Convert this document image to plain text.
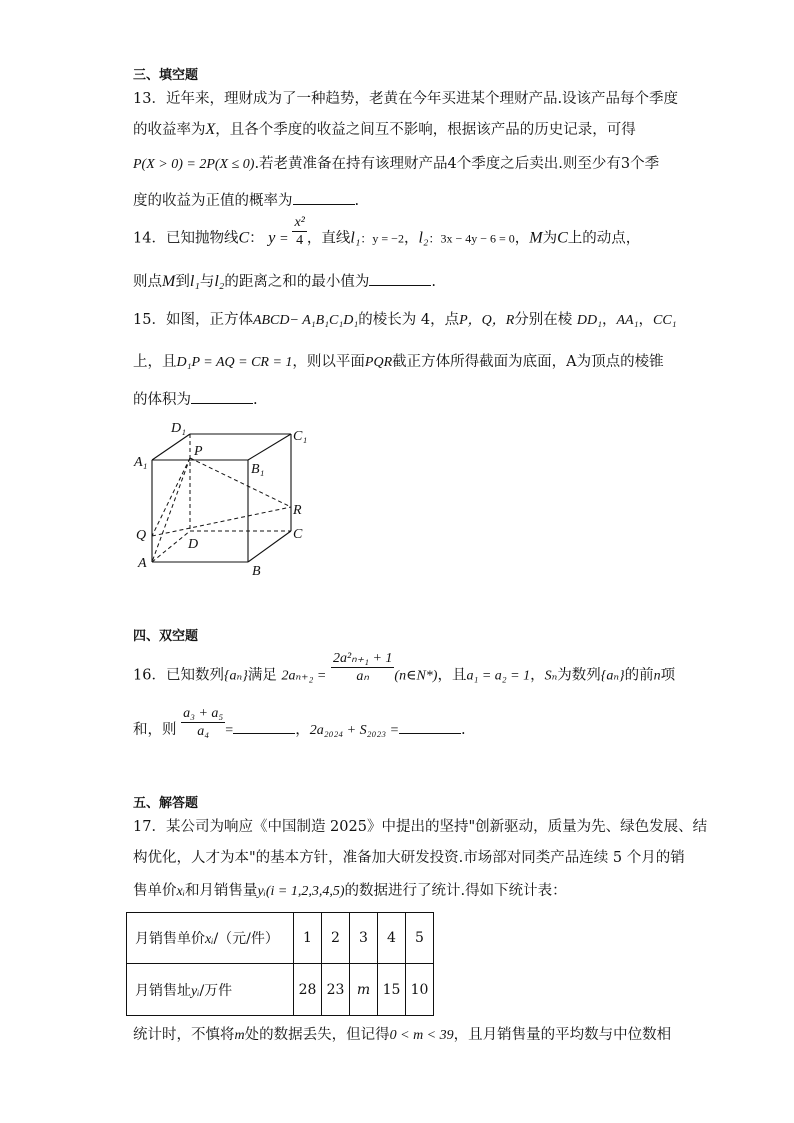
三、填空题
13．近年来，理财成为了一种趋势，老黄在今年买进某个理财产品.设该产品每个季度
的收益率为X，且各个季度的收益之间互不影响，根据该产品的历史记录，可得
P(X > 0) = 2P(X ≤ 0).若老黄准备在持有该理财产品4个季度之后卖出.则至少有3个季
度的收益为正值的概率为	.
14．已知抛物线C： $y = \frac{\text{x²}}{4}$ ，直线l₁：y = −2，l₂：3x − 4y − 6 = 0，M为C上的动点，
则点M到l₁与l₂的距离之和的最小值为	.
15．如图，正方体ABCD− A₁B₁C₁D₁的棱长为 4，点P，Q，R分别在棱 DD₁，AA₁，CC₁
上，且D₁P = AQ = CR = 1，则以平面PQR截正方体所得截面为底面，A为顶点的棱锥
的体积为	.
D₁
C₁
A₁	B₁
P
R
Q
D
C
A
B
四、双空题
16．已知数列{aₙ}满足 $2a_{n+2} = \frac{\text{2a²ₙ₊₁ + 1}}{\text{aₙ}}$ (n∈N*)，且a₁ = a₂ = 1，Sₙ为数列{aₙ}的前n项
和，则 $\frac{\text{a₃ + a₅}}{\text{a₄}}$ =	，2a₂₀₂₄ + S₂₀₂₃ =	.
五、解答题
17．某公司为响应《中国制造 2025》中提出的坚持"创新驱动，质量为先、绿色发展、结
构优化，人才为本"的基本方针，准备加大研发投资.市场部对同类产品连续 5 个月的销
售单价xᵢ和月销售量yᵢ(i = 1,2,3,4,5)的数据进行了统计.得如下统计表：
月销售单价xᵢ/（元/件）	1	2	3	4	5
月销售址yᵢ/万件	28	23	m	15	10
统计时，不慎将m处的数据丢失，但记得0 < m < 39，且月销售量的平均数与中位数相
